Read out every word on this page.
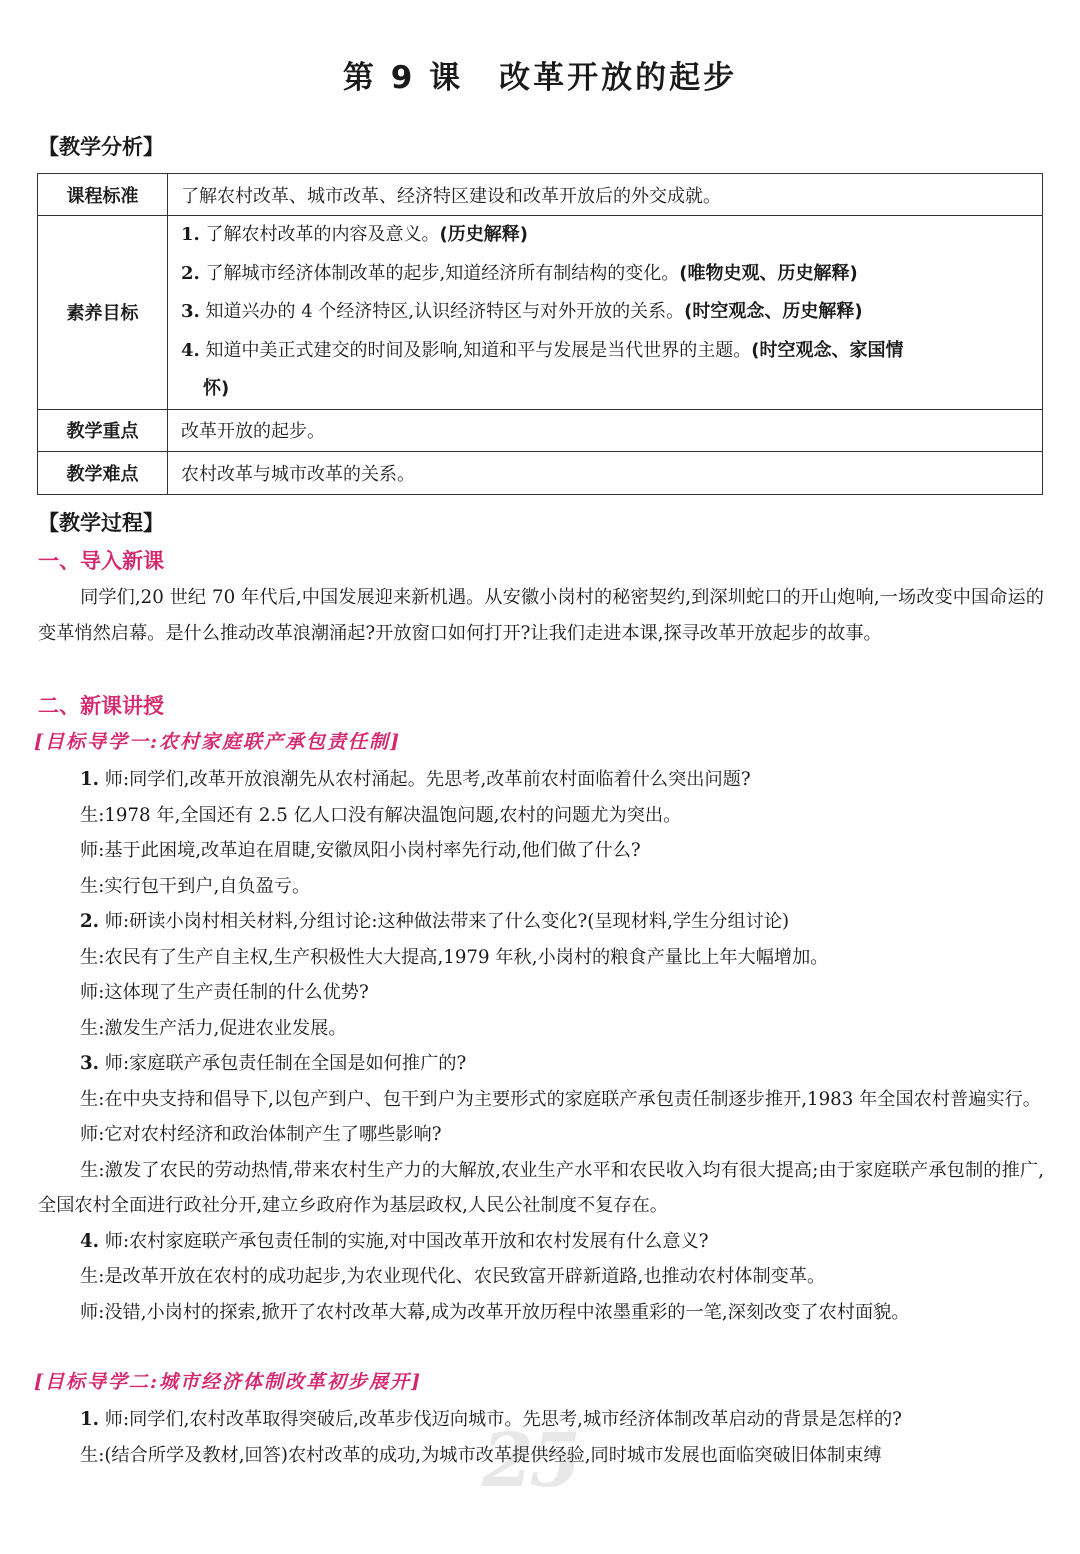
25
第 9 课 改革开放的起步
【教学分析】
课程标准	了解农村改革、城市改革、经济特区建设和改革开放后的外交成就。
素养目标	1. 了解农村改革的内容及意义。(历史解释)
2. 了解城市经济体制改革的起步,知道经济所有制结构的变化。(唯物史观、历史解释)
3. 知道兴办的 4 个经济特区,认识经济特区与对外开放的关系。(时空观念、历史解释)
4. 知道中美正式建交的时间及影响,知道和平与发展是当代世界的主题。(时空观念、家国情
怀)

教学重点	改革开放的起步。
教学难点	农村改革与城市改革的关系。
【教学过程】
一、导入新课
同学们,20 世纪 70 年代后,中国发展迎来新机遇。从安徽小岗村的秘密契约,到深圳蛇口的开山炮响,一场改变中国命运的变革悄然启幕。是什么推动改革浪潮涌起?开放窗口如何打开?让我们走进本课,探寻改革开放起步的故事。
二、新课讲授
[目标导学一:农村家庭联产承包责任制]
1. 师:同学们,改革开放浪潮先从农村涌起。先思考,改革前农村面临着什么突出问题?
生:1978 年,全国还有 2.5 亿人口没有解决温饱问题,农村的问题尤为突出。
师:基于此困境,改革迫在眉睫,安徽凤阳小岗村率先行动,他们做了什么?
生:实行包干到户,自负盈亏。
2. 师:研读小岗村相关材料,分组讨论:这种做法带来了什么变化?(呈现材料,学生分组讨论)
生:农民有了生产自主权,生产积极性大大提高,1979 年秋,小岗村的粮食产量比上年大幅增加。
师:这体现了生产责任制的什么优势?
生:激发生产活力,促进农业发展。
3. 师:家庭联产承包责任制在全国是如何推广的?
生:在中央支持和倡导下,以包产到户、包干到户为主要形式的家庭联产承包责任制逐步推开,1983 年全国农村普遍实行。
师:它对农村经济和政治体制产生了哪些影响?
生:激发了农民的劳动热情,带来农村生产力的大解放,农业生产水平和农民收入均有很大提高;由于家庭联产承包制的推广,全国农村全面进行政社分开,建立乡政府作为基层政权,人民公社制度不复存在。
4. 师:农村家庭联产承包责任制的实施,对中国改革开放和农村发展有什么意义?
生:是改革开放在农村的成功起步,为农业现代化、农民致富开辟新道路,也推动农村体制变革。
师:没错,小岗村的探索,掀开了农村改革大幕,成为改革开放历程中浓墨重彩的一笔,深刻改变了农村面貌。
[目标导学二:城市经济体制改革初步展开]
1. 师:同学们,农村改革取得突破后,改革步伐迈向城市。先思考,城市经济体制改革启动的背景是怎样的?
生:(结合所学及教材,回答)农村改革的成功,为城市改革提供经验,同时城市发展也面临突破旧体制束缚
